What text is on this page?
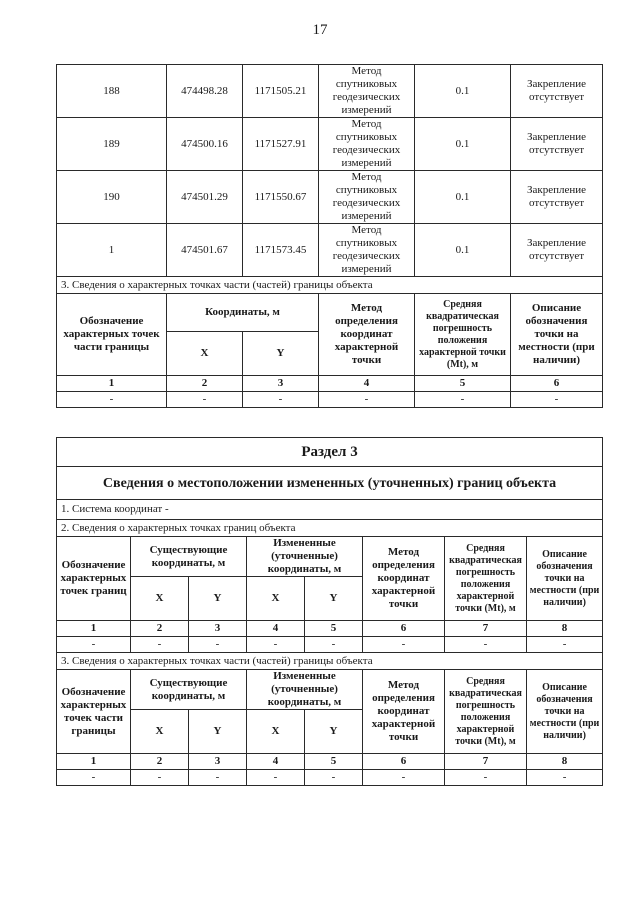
17
188	474498.28	1171505.21	Метод спутниковых геодезических измерений	0.1	Закрепление отсутствует
189	474500.16	1171527.91	Метод спутниковых геодезических измерений	0.1	Закрепление отсутствует
190	474501.29	1171550.67	Метод спутниковых геодезических измерений	0.1	Закрепление отсутствует
1	474501.67	1171573.45	Метод спутниковых геодезических измерений	0.1	Закрепление отсутствует
3. Сведения о характерных точках части (частей) границы объекта					
Обозначение характерных точек части границы	Координаты, м		Метод определения координат характерной точки	Средняя квадратическая погрешность положения характерной точки (Mt), м	Описание обозначения точки на местности (при наличии)
	X	Y			
1	2	3	4	5	6
-	-	-	-	-	-
Раздел 3							
Сведения о местоположении измененных (уточненных) границ объекта							
1. Система координат -							
2. Сведения о характерных точках границ объекта							
Обозначение характерных точек границ	Существующие координаты, м		Измененные (уточненные) координаты, м		Метод определения координат характерной точки	Средняя квадратическая погрешность положения характерной точки (Mt), м	Описание обозначения точки на местности (при наличии)
	X	Y	X	Y			
1	2	3	4	5	6	7	8
-	-	-	-	-	-	-	-
3. Сведения о характерных точках части (частей) границы объекта							
Обозначение характерных точек части границы	Существующие координаты, м		Измененные (уточненные) координаты, м		Метод определения координат характерной точки	Средняя квадратическая погрешность положения характерной точки (Mt), м	Описание обозначения точки на местности (при наличии)
	X	Y	X	Y			
1	2	3	4	5	6	7	8
-	-	-	-	-	-	-	-
